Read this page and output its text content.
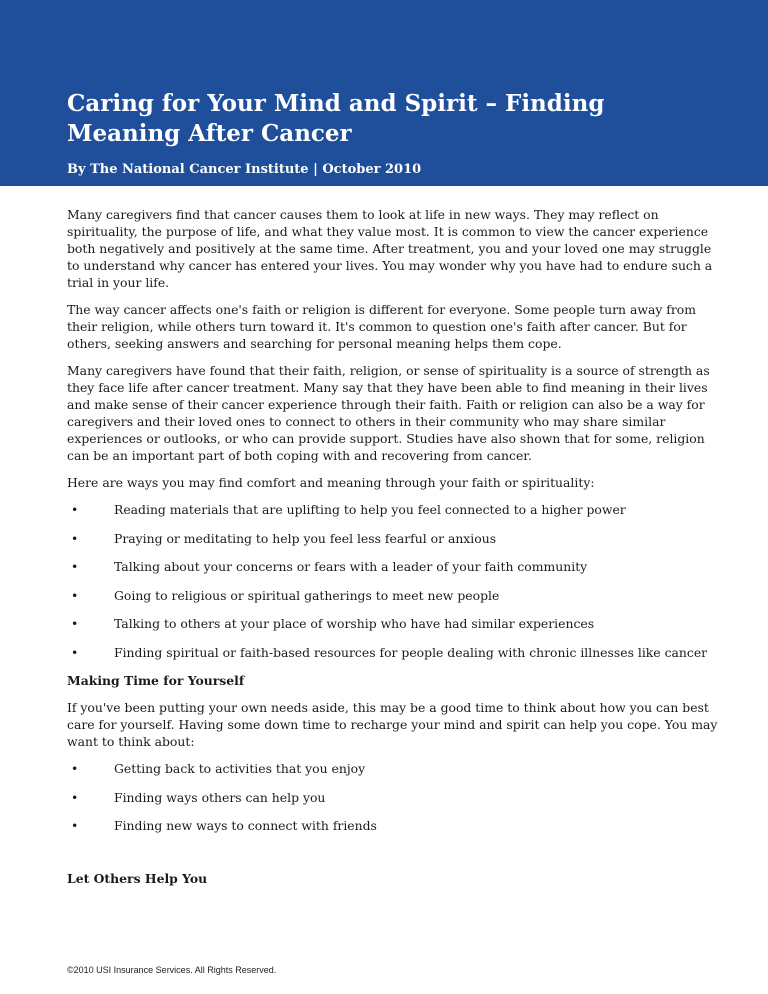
Caring for Your Mind and Spirit – Finding
Meaning After Cancer

By The National Cancer Institute | October 2010

Many caregivers find that cancer causes them to look at life in new ways. They may reflect on spirituality, the purpose of life, and what they value most. It is common to view the cancer experience both negatively and positively at the same time. After treatment, you and your loved one may struggle to understand why cancer has entered your lives. You may wonder why you have had to endure such a trial in your life.

The way cancer affects one's faith or religion is different for everyone. Some people turn away from their religion, while others turn toward it. It's common to question one's faith after cancer. But for others, seeking answers and searching for personal meaning helps them cope.

Many caregivers have found that their faith, religion, or sense of spirituality is a source of strength as they face life after cancer treatment. Many say that they have been able to find meaning in their lives and make sense of their cancer experience through their faith. Faith or religion can also be a way for caregivers and their loved ones to connect to others in their community who may share similar experiences or outlooks, or who can provide support. Studies have also shown that for some, religion can be an important part of both coping with and recovering from cancer.

Here are ways you may find comfort and meaning through your faith or spirituality:

•	Reading materials that are uplifting to help you feel connected to a higher power
•	Praying or meditating to help you feel less fearful or anxious
•	Talking about your concerns or fears with a leader of your faith community
•	Going to religious or spiritual gatherings to meet new people
•	Talking to others at your place of worship who have had similar experiences
•	Finding spiritual or faith-based resources for people dealing with chronic illnesses like cancer

Making Time for Yourself

If you've been putting your own needs aside, this may be a good time to think about how you can best care for yourself. Having some down time to recharge your mind and spirit can help you cope. You may want to think about:

•	Getting back to activities that you enjoy
•	Finding ways others can help you
•	Finding new ways to connect with friends

Let Others Help You

©2010 USI Insurance Services. All Rights Reserved.
